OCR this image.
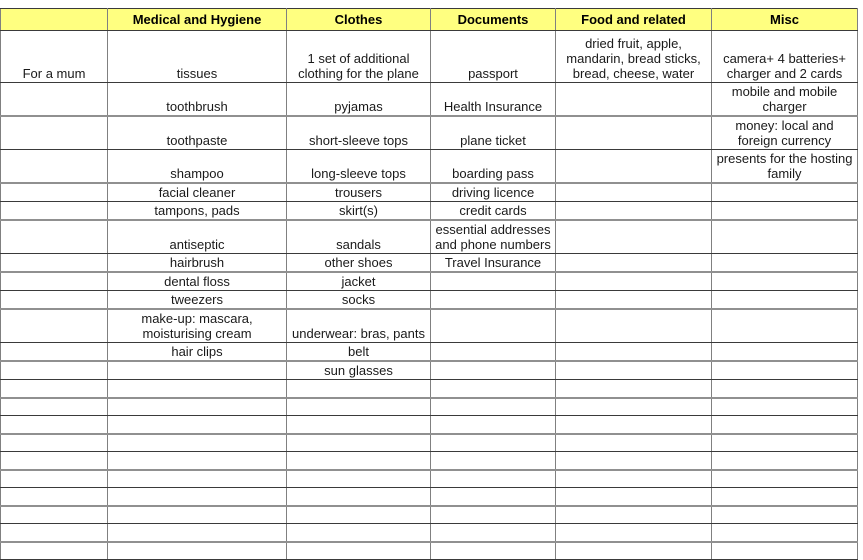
	Medical and Hygiene	Clothes	Documents	Food and related	Misc
For a mum	tissues	1 set of additional clothing for the plane	passport	dried fruit, apple, mandarin, bread sticks, bread, cheese, water	camera+ 4 batteries+ charger and 2 cards
	toothbrush	pyjamas	Health Insurance		mobile and mobile charger
	toothpaste	short-sleeve tops	plane ticket		money: local and foreign currency
	shampoo	long-sleeve tops	boarding pass		presents for the hosting family
	facial cleaner	trousers	driving licence		
	tampons, pads	skirt(s)	credit cards		
	antiseptic	sandals	essential addresses and phone numbers		
	hairbrush	other shoes	Travel Insurance		
	dental floss	jacket			
	tweezers	socks			
	make-up: mascara, moisturising cream	underwear: bras, pants			
	hair clips	belt			
		sun glasses			
